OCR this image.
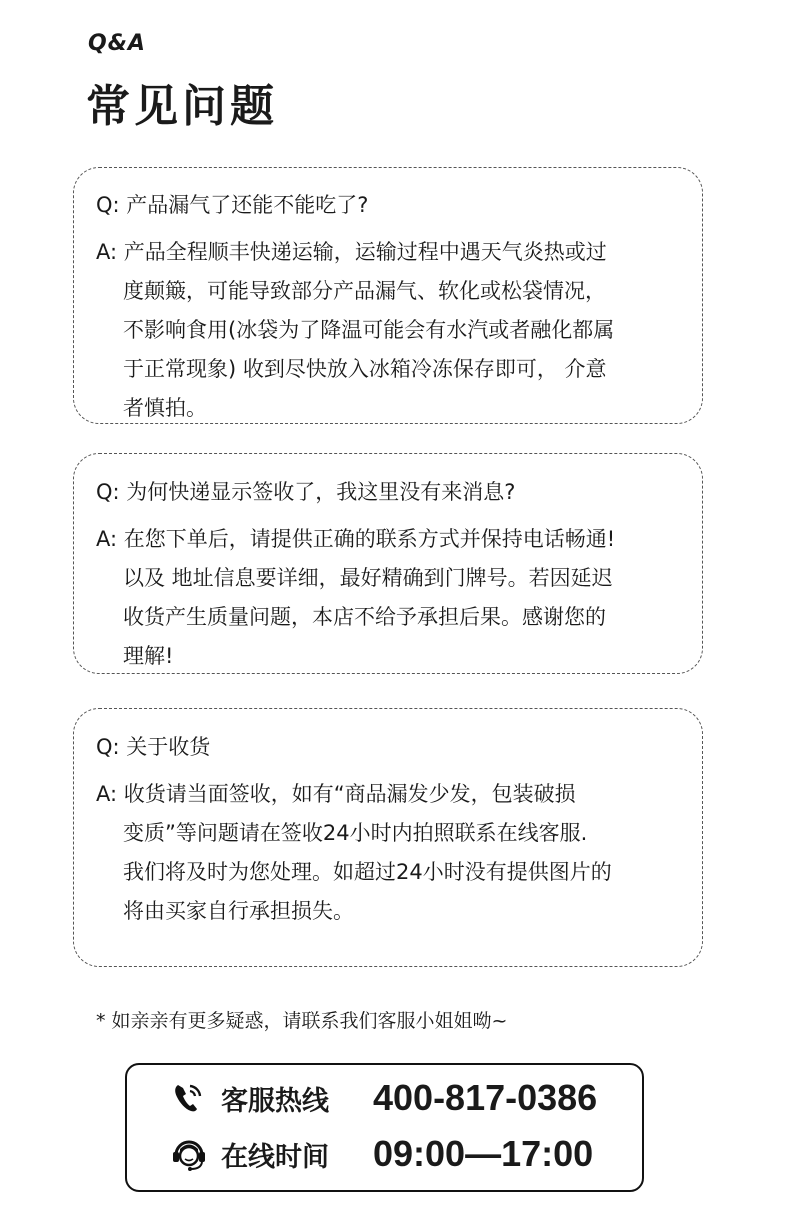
Q&A
常见问题
Q: 产品漏气了还能不能吃了?
A: 产品全程顺丰快递运输，运输过程中遇天气炎热或过
度颠簸，可能导致部分产品漏气、软化或松袋情况，
不影响食用(冰袋为了降温可能会有水汽或者融化都属
于正常现象) 收到尽快放入冰箱冷冻保存即可， 介意
者慎拍。
Q: 为何快递显示签收了，我这里没有来消息?
A: 在您下单后，请提供正确的联系方式并保持电话畅通!
以及 地址信息要详细，最好精确到门牌号。若因延迟
收货产生质量问题，本店不给予承担后果。感谢您的
理解!
Q: 关于收货
A: 收货请当面签收，如有“商品漏发少发，包装破损
变质”等问题请在签收24小时内拍照联系在线客服.
我们将及时为您处理。如超过24小时没有提供图片的
将由买家自行承担损失。
* 如亲亲有更多疑惑，请联系我们客服小姐姐呦~
客服热线	400-817-0386
在线时间	09:00—17:00
